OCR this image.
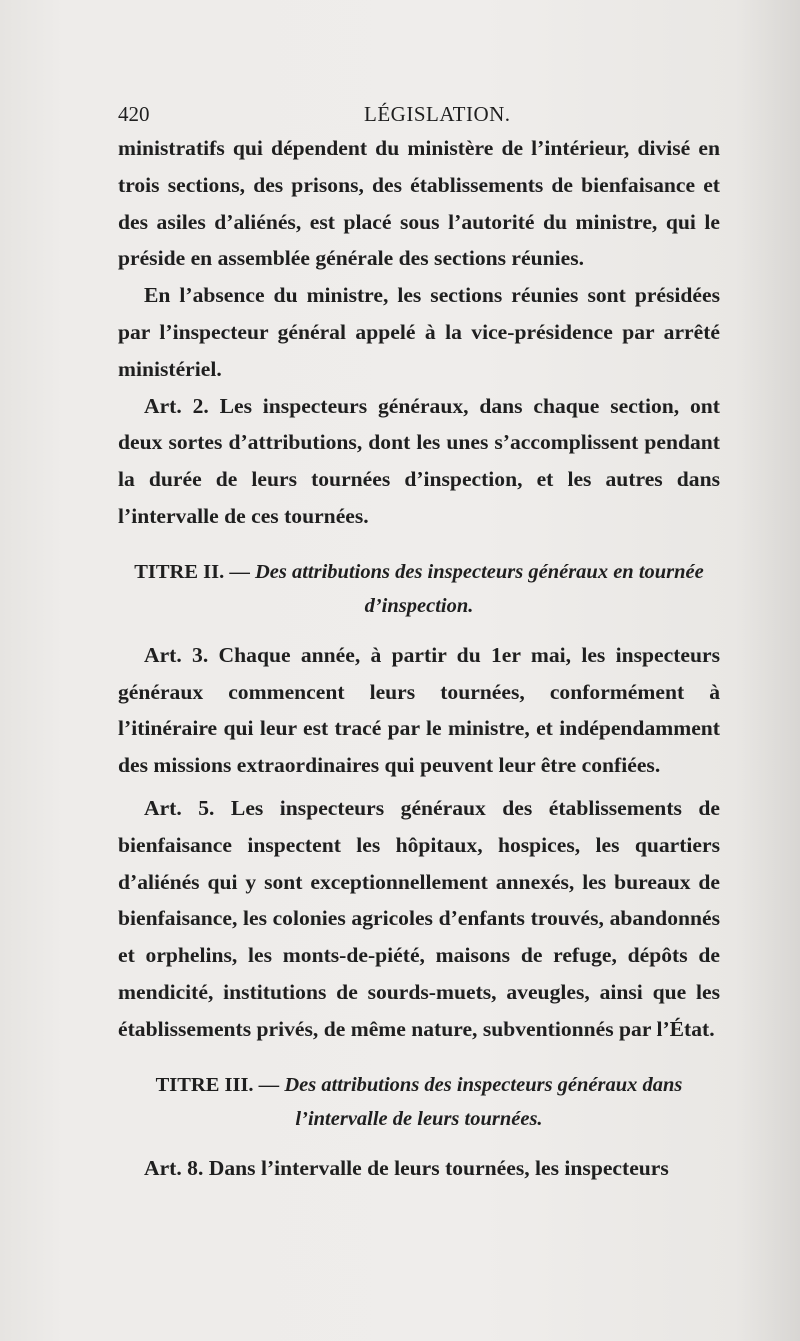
420	LÉGISLATION.

ministratifs qui dépendent du ministère de l’intérieur, divisé en trois sections, des prisons, des établissements de bienfaisance et des asiles d’aliénés, est placé sous l’autorité du ministre, qui le préside en assemblée générale des sections réunies.

En l’absence du ministre, les sections réunies sont présidées par l’inspecteur général appelé à la vice-présidence par arrêté ministériel.

Art. 2. Les inspecteurs généraux, dans chaque section, ont deux sortes d’attributions, dont les unes s’accomplissent pendant la durée de leurs tournées d’inspection, et les autres dans l’intervalle de ces tournées.

TITRE II. — Des attributions des inspecteurs généraux en tournée d’inspection.

Art. 3. Chaque année, à partir du 1er mai, les inspecteurs généraux commencent leurs tournées, conformément à l’itinéraire qui leur est tracé par le ministre, et indépendamment des missions extraordinaires qui peuvent leur être confiées.

Art. 5. Les inspecteurs généraux des établissements de bienfaisance inspectent les hôpitaux, hospices, les quartiers d’aliénés qui y sont exceptionnellement annexés, les bureaux de bienfaisance, les colonies agricoles d’enfants trouvés, abandonnés et orphelins, les monts-de-piété, maisons de refuge, dépôts de mendicité, institutions de sourds-muets, aveugles, ainsi que les établissements privés, de même nature, subventionnés par l’État.

TITRE III. — Des attributions des inspecteurs généraux dans l’intervalle de leurs tournées.

Art. 8. Dans l’intervalle de leurs tournées, les inspecteurs
